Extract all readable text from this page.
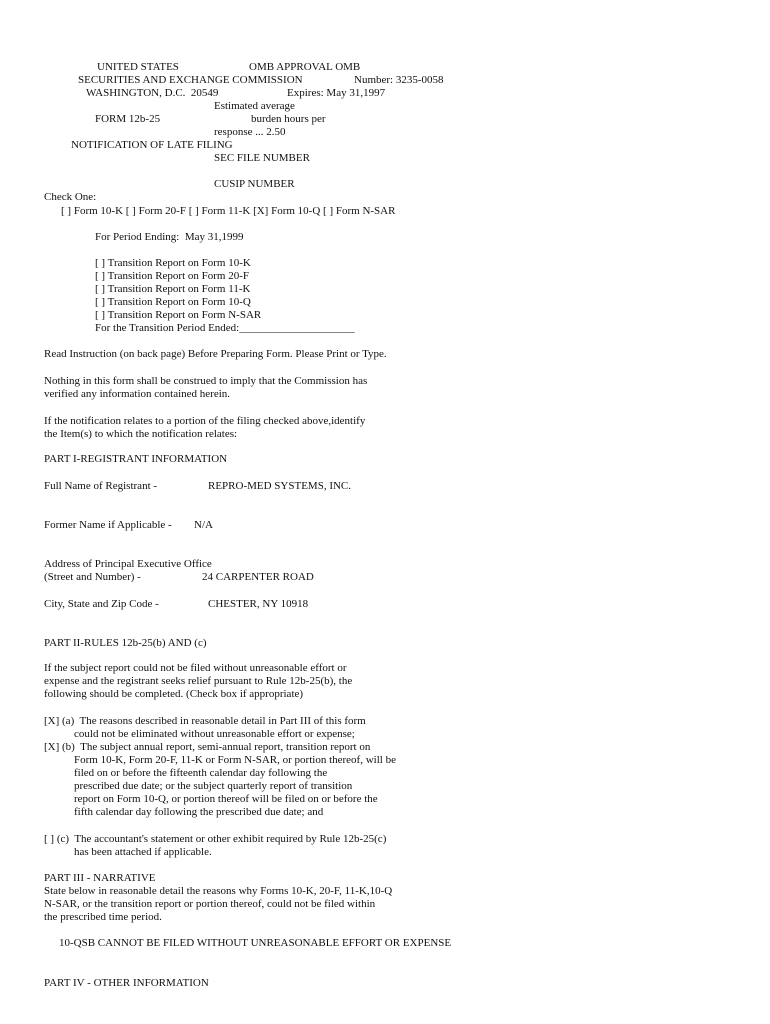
UNITED STATES	OMB APPROVAL OMB
SECURITIES AND EXCHANGE COMMISSION	Number: 3235-0058
WASHINGTON, D.C.  20549	Expires: May 31,1997
Estimated average
FORM 12b-25	burden hours per
response ... 2.50
NOTIFICATION OF LATE FILING
SEC FILE NUMBER
CUSIP NUMBER
Check One:
[ ] Form 10-K [ ] Form 20-F [ ] Form 11-K [X] Form 10-Q [ ] Form N-SAR
For Period Ending:  May 31,1999
[ ] Transition Report on Form 10-K
[ ] Transition Report on Form 20-F
[ ] Transition Report on Form 11-K
[ ] Transition Report on Form 10-Q
[ ] Transition Report on Form N-SAR
For the Transition Period Ended:_____________________
Read Instruction (on back page) Before Preparing Form. Please Print or Type.
Nothing in this form shall be construed to imply that the Commission has
verified any information contained herein.
If the notification relates to a portion of the filing checked above,identify
the Item(s) to which the notification relates:
PART I-REGISTRANT INFORMATION
Full Name of Registrant -	REPRO-MED SYSTEMS, INC.
Former Name if Applicable - N/A
Address of Principal Executive Office
(Street and Number) -	24 CARPENTER ROAD
City, State and Zip Code -	CHESTER, NY 10918
PART II-RULES 12b-25(b) AND (c)
If the subject report could not be filed without unreasonable effort or
expense and the registrant seeks relief pursuant to Rule 12b-25(b), the
following should be completed. (Check box if appropriate)
[X] (a)  The reasons described in reasonable detail in Part III of this form
could not be eliminated without unreasonable effort or expense;
[X] (b)  The subject annual report, semi-annual report, transition report on
Form 10-K, Form 20-F, 11-K or Form N-SAR, or portion thereof, will be
filed on or before the fifteenth calendar day following the
prescribed due date; or the subject quarterly report of transition
report on Form 10-Q, or portion thereof will be filed on or before the
fifth calendar day following the prescribed due date; and
[ ] (c)  The accountant's statement or other exhibit required by Rule 12b-25(c)
has been attached if applicable.
PART III - NARRATIVE
State below in reasonable detail the reasons why Forms 10-K, 20-F, 11-K,10-Q
N-SAR, or the transition report or portion thereof, could not be filed within
the prescribed time period.
10-QSB CANNOT BE FILED WITHOUT UNREASONABLE EFFORT OR EXPENSE
PART IV - OTHER INFORMATION
